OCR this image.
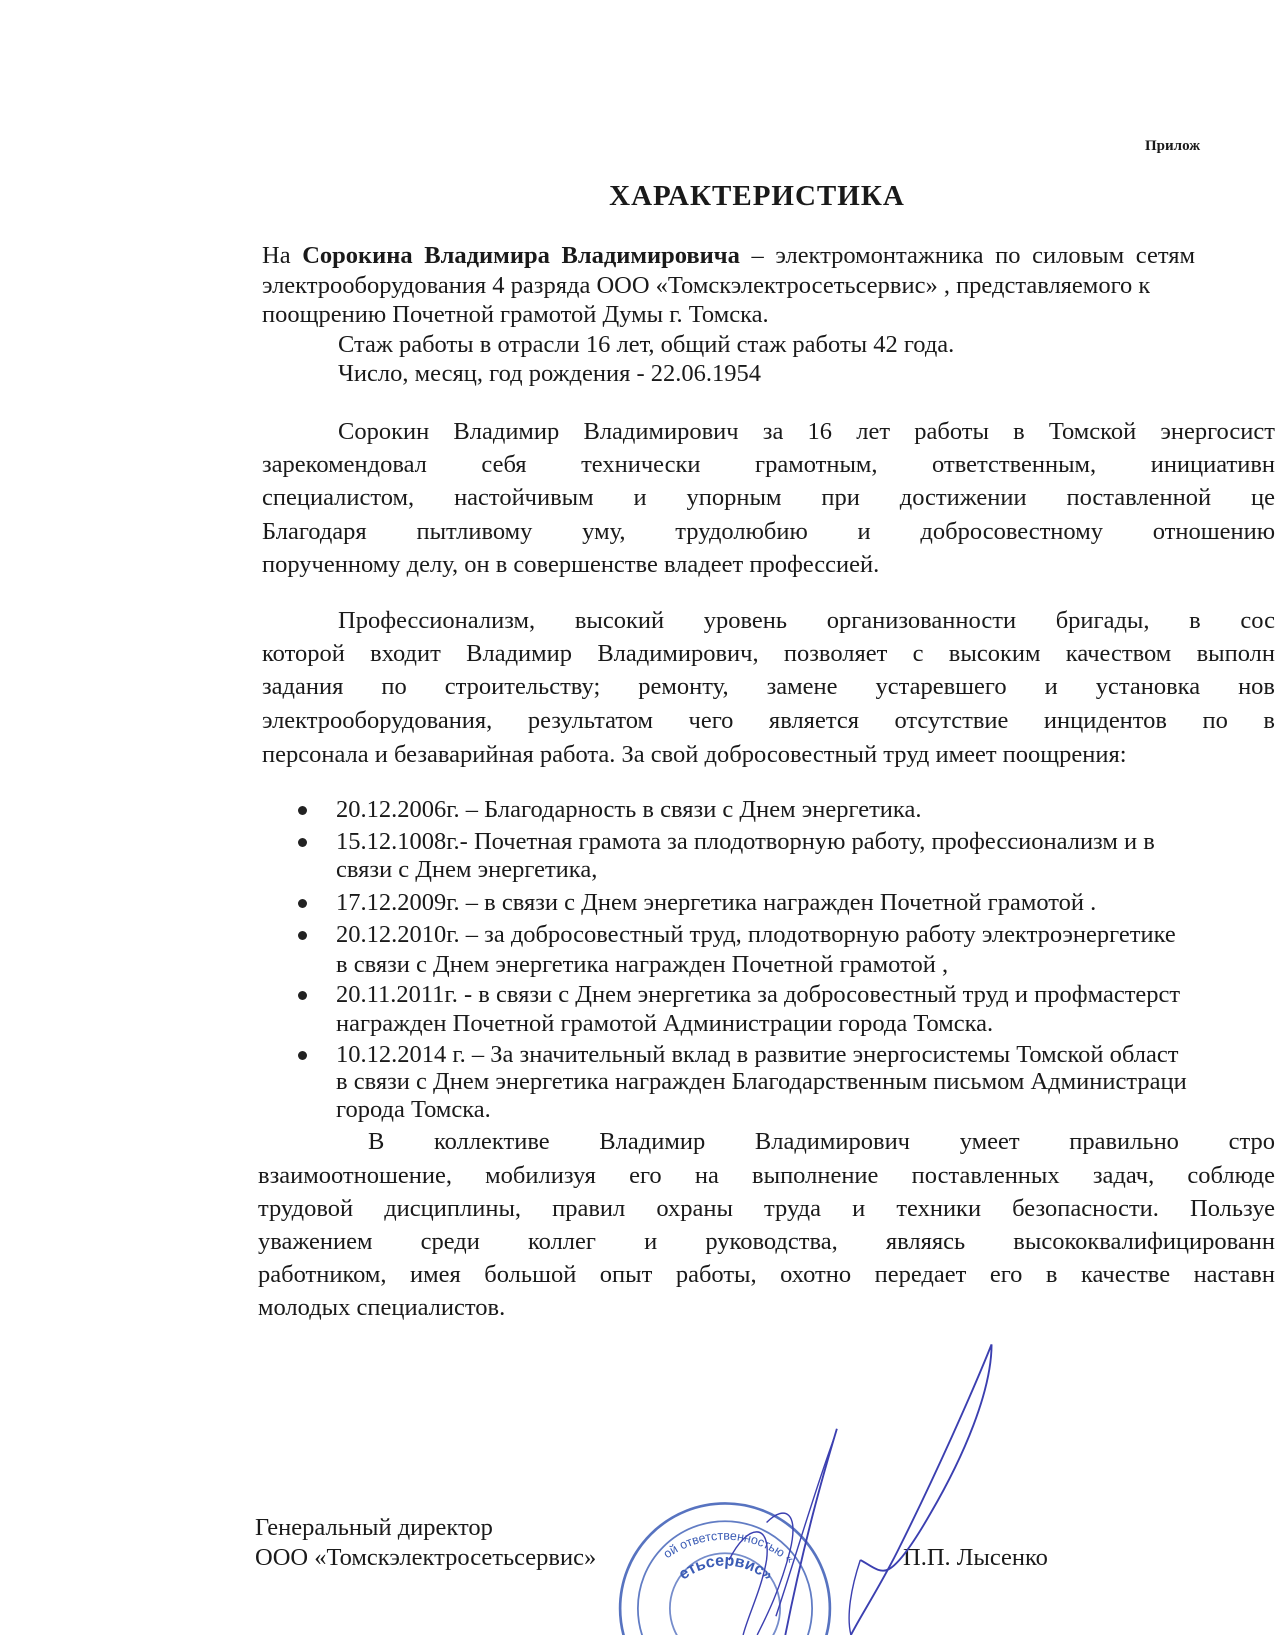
Прилож
ХАРАКТЕРИСТИКА
На Сорокина Владимира Владимировича – электромонтажника по силовым сетям
электрооборудования 4 разряда ООО «Томскэлектросетьсервис» , представляемого к
поощрению Почетной грамотой Думы г. Томска.
Стаж работы в отрасли 16 лет, общий стаж работы 42 года.
Число, месяц, год рождения - 22.06.1954
Сорокин Владимир Владимирович за 16 лет работы в Томской энергосист
зарекомендовал себя технически грамотным, ответственным, инициативн
специалистом, настойчивым и упорным при достижении поставленной це
Благодаря пытливому уму, трудолюбию и добросовестному отношению
порученному делу, он в совершенстве владеет профессией.
Профессионализм, высокий уровень организованности бригады, в сос
которой входит Владимир Владимирович, позволяет с высоким качеством выполн
задания по строительству; ремонту, замене устаревшего и установка нов
электрооборудования, результатом чего является отсутствие инцидентов по в
персонала и безаварийная работа. За свой добросовестный труд имеет поощрения:
20.12.2006г. – Благодарность в связи с Днем энергетика.
15.12.1008г.- Почетная грамота за плодотворную работу, профессионализм и в
связи с Днем энергетика,
17.12.2009г. – в связи с Днем энергетика награжден Почетной грамотой .
20.12.2010г. – за добросовестный труд, плодотворную работу электроэнергетике
в связи с Днем энергетика награжден Почетной грамотой ,
20.11.2011г. - в связи с Днем энергетика за добросовестный труд и профмастерст
награжден Почетной грамотой Администрации города Томска.
10.12.2014 г. – За значительный вклад в развитие энергосистемы Томской област
в связи с Днем энергетика награжден Благодарственным письмом Администраци
города Томска.
В коллективе Владимир Владимирович умеет правильно стро
взаимоотношение, мобилизуя его на выполнение поставленных задач, соблюде
трудовой дисциплины, правил охраны труда и техники безопасности. Пользуе
уважением среди коллег и руководства, являясь высококвалифицированн
работником, имея большой опыт работы, охотно передает его в качестве наставн
молодых специалистов.
Генеральный директор
ООО «Томскэлектросетьсервис»	П.П. Лысенко
ой ответственностью «
етьсервис»
